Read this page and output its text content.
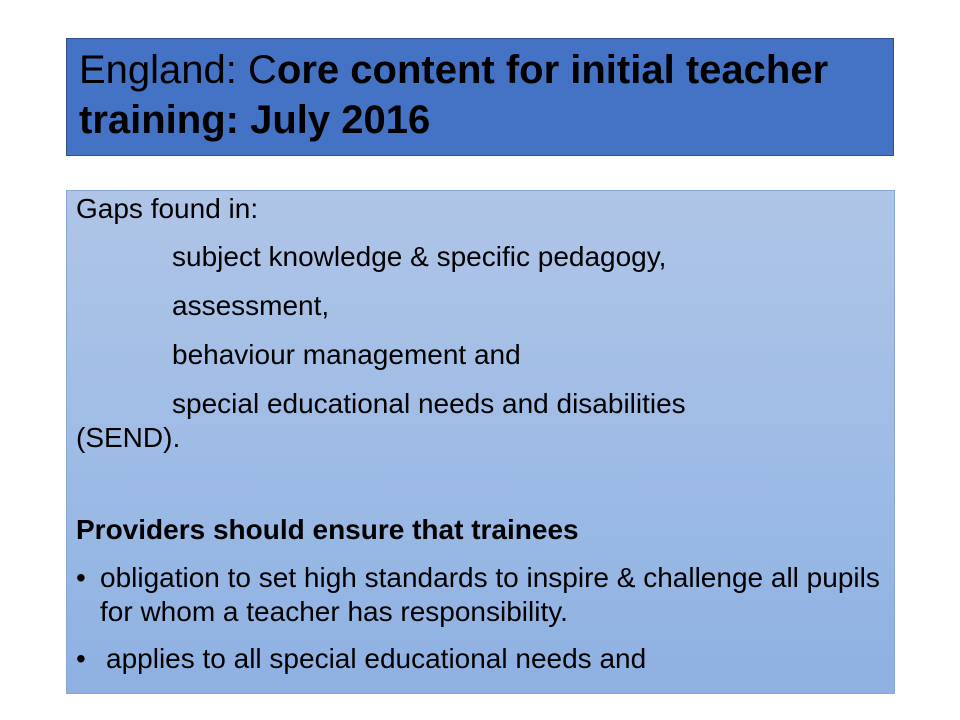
England: Core content for initial teacher training: July 2016

Gaps found in:

subject knowledge & specific pedagogy,

assessment,

behaviour management and

special educational needs and disabilities

(SEND).

Providers should ensure that trainees

• obligation to set high standards to inspire & challenge all pupils for whom a teacher has responsibility.
• applies to all special educational needs and
